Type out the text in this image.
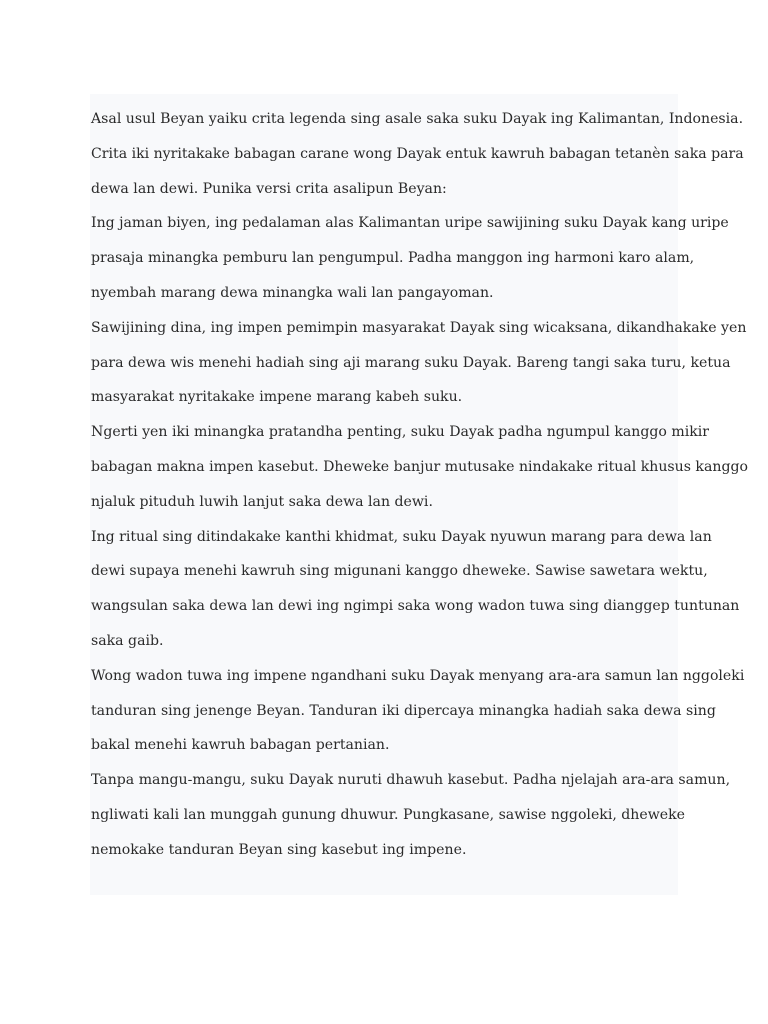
Asal usul Beyan yaiku crita legenda sing asale saka suku Dayak ing Kalimantan, Indonesia.
Crita iki nyritakake babagan carane wong Dayak entuk kawruh babagan tetanèn saka para
dewa lan dewi. Punika versi crita asalipun Beyan:
Ing jaman biyen, ing pedalaman alas Kalimantan uripe sawijining suku Dayak kang uripe
prasaja minangka pemburu lan pengumpul. Padha manggon ing harmoni karo alam,
nyembah marang dewa minangka wali lan pangayoman.
Sawijining dina, ing impen pemimpin masyarakat Dayak sing wicaksana, dikandhakake yen
para dewa wis menehi hadiah sing aji marang suku Dayak. Bareng tangi saka turu, ketua
masyarakat nyritakake impene marang kabeh suku.
Ngerti yen iki minangka pratandha penting, suku Dayak padha ngumpul kanggo mikir
babagan makna impen kasebut. Dheweke banjur mutusake nindakake ritual khusus kanggo
njaluk pituduh luwih lanjut saka dewa lan dewi.
Ing ritual sing ditindakake kanthi khidmat, suku Dayak nyuwun marang para dewa lan
dewi supaya menehi kawruh sing migunani kanggo dheweke. Sawise sawetara wektu,
wangsulan saka dewa lan dewi ing ngimpi saka wong wadon tuwa sing dianggep tuntunan
saka gaib.
Wong wadon tuwa ing impene ngandhani suku Dayak menyang ara-ara samun lan nggoleki
tanduran sing jenenge Beyan. Tanduran iki dipercaya minangka hadiah saka dewa sing
bakal menehi kawruh babagan pertanian.
Tanpa mangu-mangu, suku Dayak nuruti dhawuh kasebut. Padha njelajah ara-ara samun,
ngliwati kali lan munggah gunung dhuwur. Pungkasane, sawise nggoleki, dheweke
nemokake tanduran Beyan sing kasebut ing impene.
